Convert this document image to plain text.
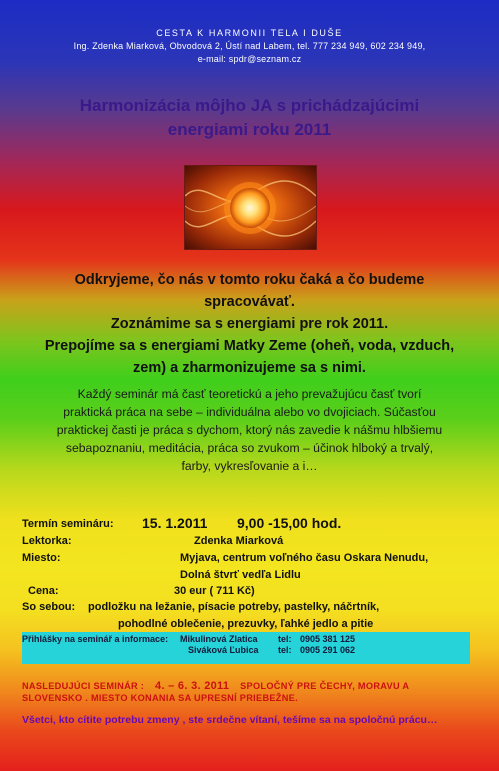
CESTA K HARMONII TELA I DUŠE
Ing. Zdenka Miarková, Obvodová 2, Ústí nad Labem, tel. 777 234 949, 602 234 949,
e-mail: spdr@seznam.cz
Harmonizácia môjho JA s prichádzajúcimi
energiami roku 2011
Odkryjeme, čo nás v tomto roku čaká a čo budeme
spracovávať.
Zoznámime sa s energiami pre rok 2011.
Prepojíme sa s energiami Matky Zeme (oheň, voda, vzduch,
zem) a zharmonizujeme sa s nimi.
Každý seminár má časť teoretickú a jeho prevažujúcu časť tvorí
praktická práca na sebe – individuálna alebo vo dvojiciach. Súčasťou
praktickej časti je práca s dychom, ktorý nás zavedie k nášmu hlbšiemu
sebapoznaniu, meditácia, práca so zvukom – účinok hlboký a trvalý,
farby, vykresľovanie a i…
Termín semináru: 15. 1.2011 9,00 -15,00 hod.
Lektorka:	Zdenka Miarková
Miesto:	Myjava, centrum voľného času Oskara Nenudu,
Dolná štvrť vedľa Lidlu
Cena:	30 eur ( 711 Kč)
So sebou: podložku na ležanie, písacie potreby, pastelky, náčrtník,
pohodlné oblečenie, prezuvky, ľahké jedlo a pitie
Přihlášky na seminář a informace: Mikulinová Zlatica tel: 0905 381 125
Siváková Ľubica tel: 0905 291 062
NASLEDUJÚCI SEMINÁR : 4. – 6. 3. 2011 SPOLOČNÝ PRE ČECHY, MORAVU A
SLOVENSKO . MIESTO KONANIA SA UPRESNÍ PRIEBEŽNE.
Všetci, kto cítite potrebu zmeny , ste srdečne vítaní, tešíme sa na spoločnú prácu…
